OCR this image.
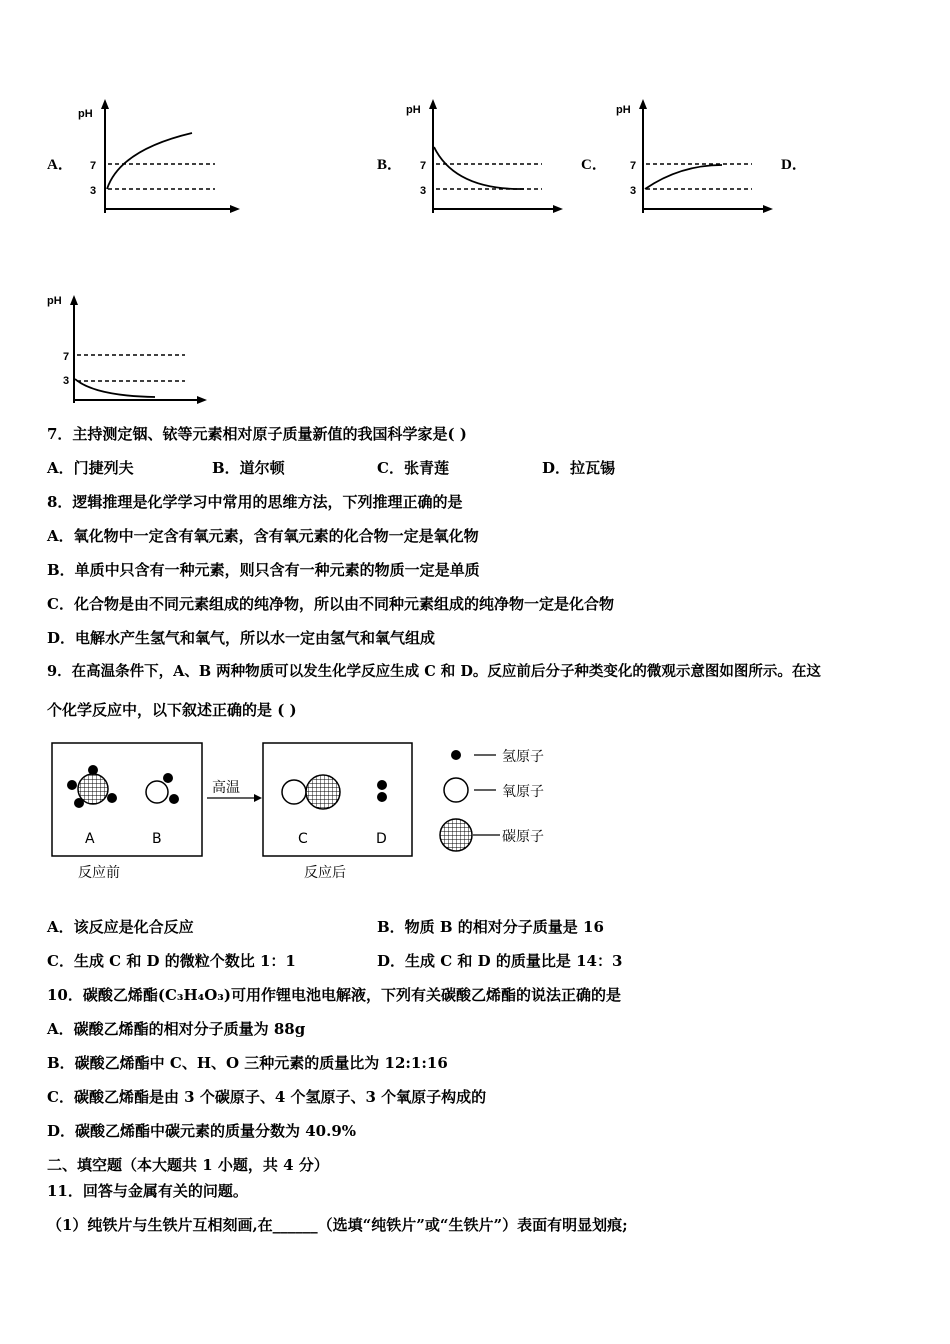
A．	B．	C．	D．
pH
7
3
pH
7
3
pH
7
3
pH
7
3
7．主持测定铟、铱等元素相对原子质量新值的我国科学家是( )
A．门捷列夫	B．道尔顿	C．张青莲	D．拉瓦锡
8．逻辑推理是化学学习中常用的思维方法，下列推理正确的是
A．氧化物中一定含有氧元素，含有氧元素的化合物一定是氧化物
B．单质中只含有一种元素，则只含有一种元素的物质一定是单质
C．化合物是由不同元素组成的纯净物，所以由不同种元素组成的纯净物一定是化合物
D．电解水产生氢气和氧气，所以水一定由氢气和氧气组成
9．在高温条件下，A、B 两种物质可以发生化学反应生成 C 和 D。反应前后分子种类变化的微观示意图如图所示。在这
个化学反应中，以下叙述正确的是 ( )
A	B
反应前
高温
C	D
反应后
氢原子
氧原子
碳原子
A．该反应是化合反应	B．物质 B 的相对分子质量是 16
C．生成 C 和 D 的微粒个数比 1：1	D．生成 C 和 D 的质量比是 14：3
10．碳酸乙烯酯(C₃H₄O₃)可用作锂电池电解液，下列有关碳酸乙烯酯的说法正确的是
A．碳酸乙烯酯的相对分子质量为 88g
B．碳酸乙烯酯中 C、H、O 三种元素的质量比为 12:1:16
C．碳酸乙烯酯是由 3 个碳原子、4 个氢原子、3 个氧原子构成的
D．碳酸乙烯酯中碳元素的质量分数为 40.9%
二、填空题（本大题共 1 小题，共 4 分）
11．回答与金属有关的问题。
（1）纯铁片与生铁片互相刻画,在______（选填“纯铁片”或“生铁片”）表面有明显划痕;
